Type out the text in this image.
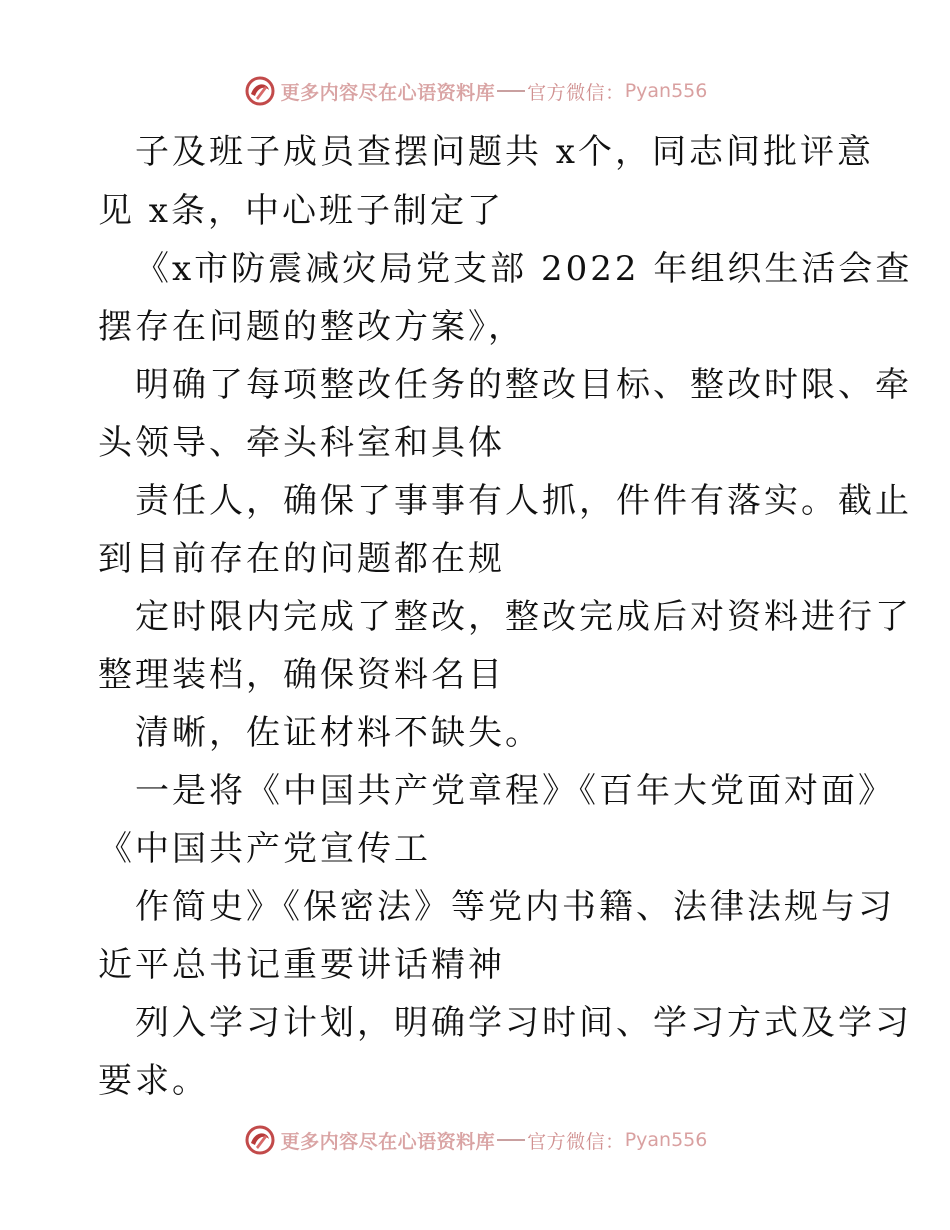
更多内容尽在心语资料库 官方微信： Pyan556
子及班子成员查摆问题共 x个，同志间批评意
见 x条，中心班子制定了
《x市防震减灾局党支部 2022 年组织生活会查
摆存在问题的整改方案》，
明确了每项整改任务的整改目标、整改时限、牵
头领导、牵头科室和具体
责任人，确保了事事有人抓，件件有落实。截止
到目前存在的问题都在规
定时限内完成了整改，整改完成后对资料进行了
整理装档，确保资料名目
清晰，佐证材料不缺失。
一是将《中国共产党章程》《百年大党面对面》
《中国共产党宣传工
作简史》《保密法》等党内书籍、法律法规与习
近平总书记重要讲话精神
列入学习计划，明确学习时间、学习方式及学习
要求。
更多内容尽在心语资料库 官方微信： Pyan556
